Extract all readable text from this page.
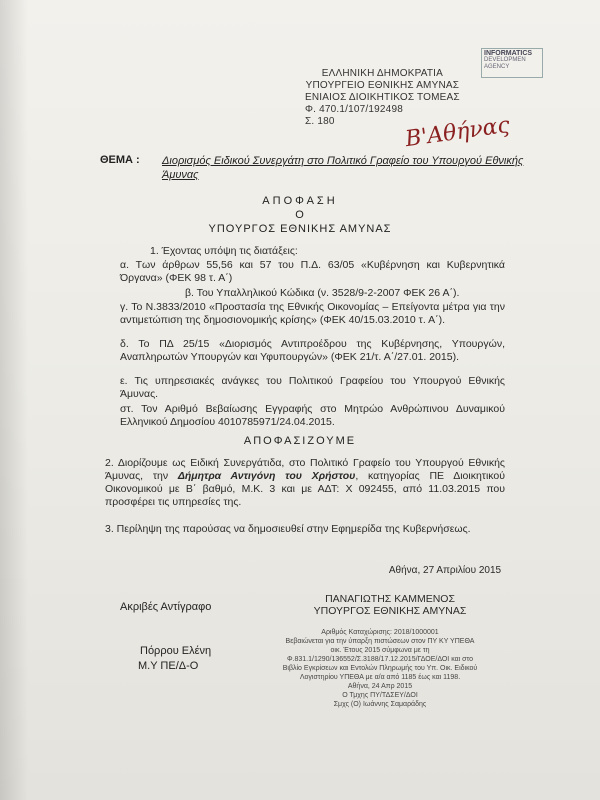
INFORMATICS
DEVELOPMEN
AGENCY
ΕΛΛΗΝΙΚΗ ΔΗΜΟΚΡΑΤΙΑ
ΥΠΟΥΡΓΕΙΟ ΕΘΝΙΚΗΣ ΑΜΥΝΑΣ
ΕΝΙΑΙΟΣ ΔΙΟΙΚΗΤΙΚΟΣ ΤΟΜΕΑΣ
Φ. 470.1/107/192498
Σ. 180	Β'Αθήνας
ΘΕΜΑ :	Διορισμός Ειδικού Συνεργάτη στο Πολιτικό Γραφείο του Υπουργού Εθνικής Άμυνας
ΑΠΟΦΑΣΗ
Ο
ΥΠΟΥΡΓΟΣ ΕΘΝΙΚΗΣ ΑΜΥΝΑΣ
1. Έχοντας υπόψη τις διατάξεις:
α. Των άρθρων 55,56 και 57 του Π.Δ. 63/05 «Κυβέρνηση και Κυβερνητικά Όργανα» (ΦΕΚ 98 τ. Α΄)
β. Του Υπαλληλικού Κώδικα (ν. 3528/9-2-2007 ΦΕΚ 26 Α΄).
γ. Το Ν.3833/2010 «Προστασία της Εθνικής Οικονομίας – Επείγοντα μέτρα για την αντιμετώπιση της δημοσιονομικής κρίσης» (ΦΕΚ 40/15.03.2010 τ. Α΄).
δ. Το ΠΔ 25/15 «Διορισμός Αντιπροέδρου της Κυβέρνησης, Υπουργών, Αναπληρωτών Υπουργών και Υφυπουργών» (ΦΕΚ 21/τ. Α΄/27.01. 2015).
ε. Τις υπηρεσιακές ανάγκες του Πολιτικού Γραφείου του Υπουργού Εθνικής Άμυνας.
στ. Τον Αριθμό Βεβαίωσης Εγγραφής στο Μητρώο Ανθρώπινου Δυναμικού Ελληνικού Δημοσίου 4010785971/24.04.2015.
ΑΠΟΦΑΣΙΖΟΥΜΕ
2. Διορίζουμε ως Ειδική Συνεργάτιδα, στο Πολιτικό Γραφείο του Υπουργού Εθνικής Άμυνας, την Δήμητρα Αντιγόνη του Χρήστου, κατηγορίας ΠΕ Διοικητικού Οικονομικού με Β΄ βαθμό, Μ.Κ. 3 και με ΑΔΤ: Χ 092455, από 11.03.2015 που προσφέρει τις υπηρεσίες της.
3. Περίληψη της παρούσας να δημοσιευθεί στην Εφημερίδα της Κυβερνήσεως.
Αθήνα, 27 Απριλίου 2015
ΠΑΝΑΓΙΩΤΗΣ ΚΑΜΜΕΝΟΣ
ΥΠΟΥΡΓΟΣ ΕΘΝΙΚΗΣ ΑΜΥΝΑΣ
Ακριβές Αντίγραφο
Πόρρου Ελένη
Μ.Υ ΠΕ/Δ-Ο
Αριθμός Καταχώρισης: 2018/1000001
Βεβαιώνεται για την ύπαρξη πιστώσεων στον ΠΥ ΚΥ ΥΠΕΘΑ
οικ. Έτους 2015 σύμφωνα με τη
Φ.831.1/1290/136552/Σ.3188/17.12.2015/ΓΔΟΕ/ΔΟΙ και στο
Βιβλίο Εγκρίσεων και Εντολών Πληρωμής του Υπ. Οικ. Ειδικού
Λογιστηρίου ΥΠΕΘΑ με α/α από 1185 έως και 1198.
Αθήνα, 24 Απρ 2015
Ο Τμχης ΠΥ/ΤΔΣΕΥ/ΔΟΙ
Σμχς (Ο) Ιωάννης Σαμαράδης
